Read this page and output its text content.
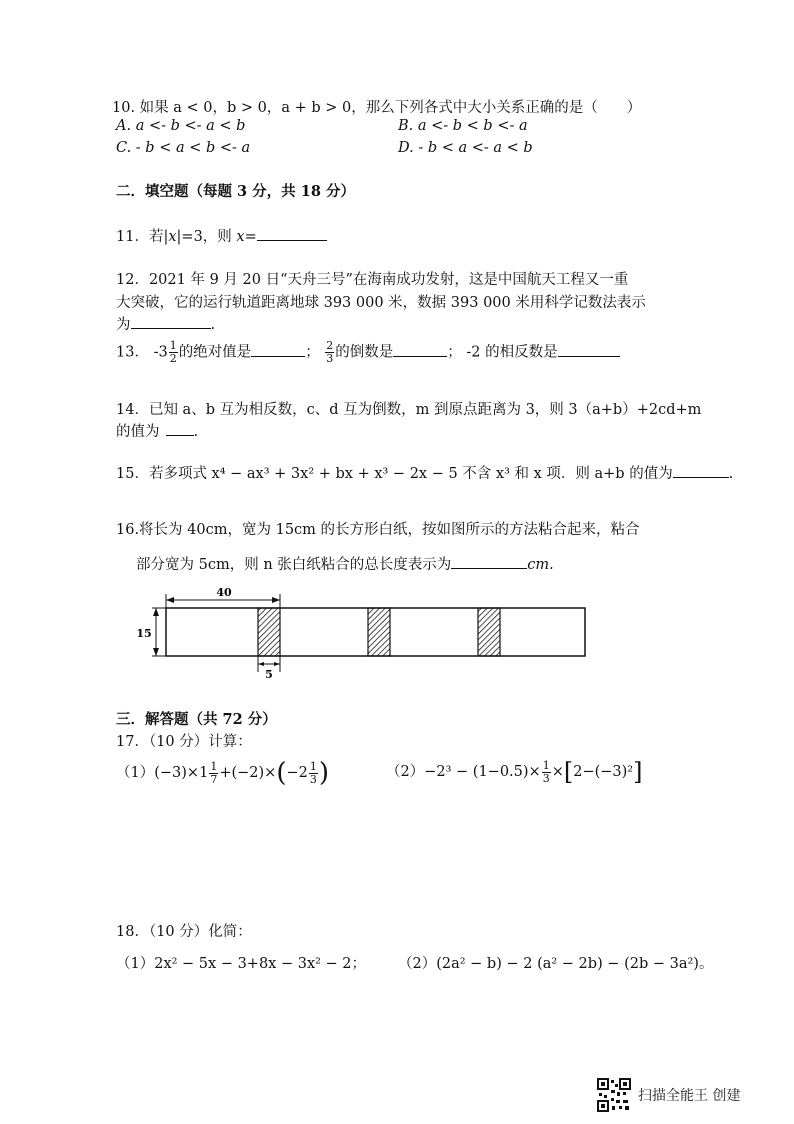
10. 如果 a < 0，b > 0，a + b > 0，那么下列各式中大小关系正确的是（　　）
A. a <- b <- a < b	B. a <- b < b <- a
C. - b < a < b <- a	D. - b < a <- a < b
二．填空题（每题 3 分，共 18 分）
11．若|x|=3，则 x=
12．2021 年 9 月 20 日“天舟三号”在海南成功发射，这是中国航天工程又一重
大突破，它的运行轨道距离地球 393 000 米，数据 393 000 米用科学记数法表示
为	.
13． $-3 \frac{1}{2}$ 的绝对值是	； $\frac{2}{3}$ 的倒数是	； -2 的相反数是
14．已知 a、b 互为相反数，c、d 互为倒数，m 到原点距离为 3，则 3（a+b）+2cd+m
的值为 .
15．若多项式 x⁴ − ax³ + 3x² + bx + x³ − 2x − 5 不含 x³ 和 x 项．则 a+b 的值为	.
16.将长为 40cm，宽为 15cm 的长方形白纸，按如图所示的方法粘合起来，粘合
部分宽为 5cm，则 n 张白纸粘合的总长度表示为	cm.
40
15
5
三．解答题（共 72 分）
17．（10 分）计算：
$(1)(-3)\times 1 \frac{1}{7} +(-2)\times(-2 \frac{1}{3}$ )	$(2)-2^3 - (1-0.5)\times \frac{1}{3} \times[2-(-3)^2]$
18．（10 分）化简：
（1）2x² − 5x − 3+8x − 3x² − 2； （2）(2a² − b) − 2 (a² − 2b) − (2b − 3a²)。
扫描全能王 创建
